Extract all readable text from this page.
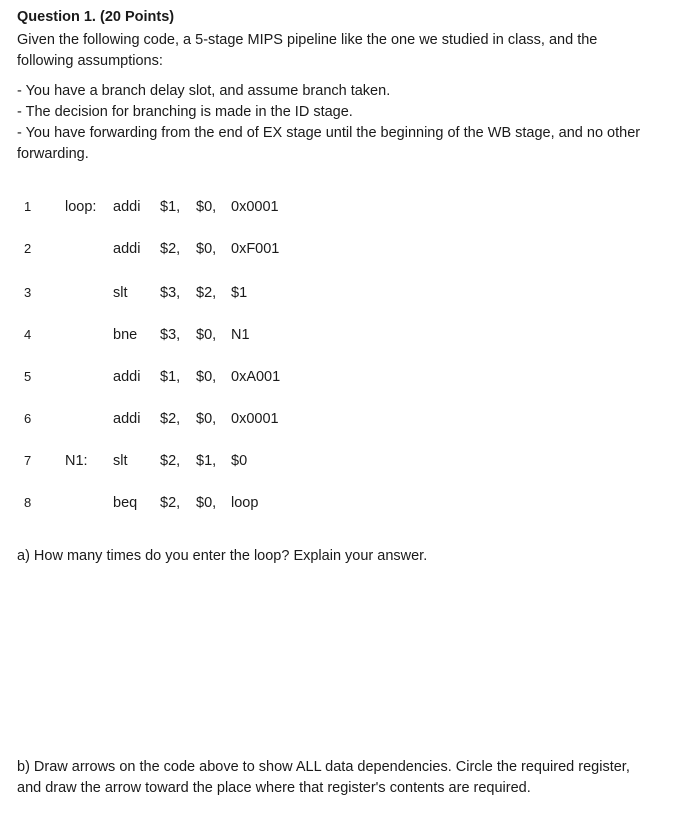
Question 1. (20 Points)
Given the following code, a 5-stage MIPS pipeline like the one we studied in class, and the
following assumptions:
- You have a branch delay slot, and assume branch taken.
- The decision for branching is made in the ID stage.
- You have forwarding from the end of EX stage until the beginning of the WB stage, and no other
forwarding.
1 loop: addi $1, $0, 0x0001
2	addi $2, $0, 0xF001
3	slt $3, $2, $1
4	bne $3, $0, N1
5	addi $1, $0, 0xA001
6	addi $2, $0, 0x0001
7 N1: slt $2, $1, $0
8	beq $2, $0, loop
a) How many times do you enter the loop? Explain your answer.
b) Draw arrows on the code above to show ALL data dependencies. Circle the required register,
and draw the arrow toward the place where that register's contents are required.
